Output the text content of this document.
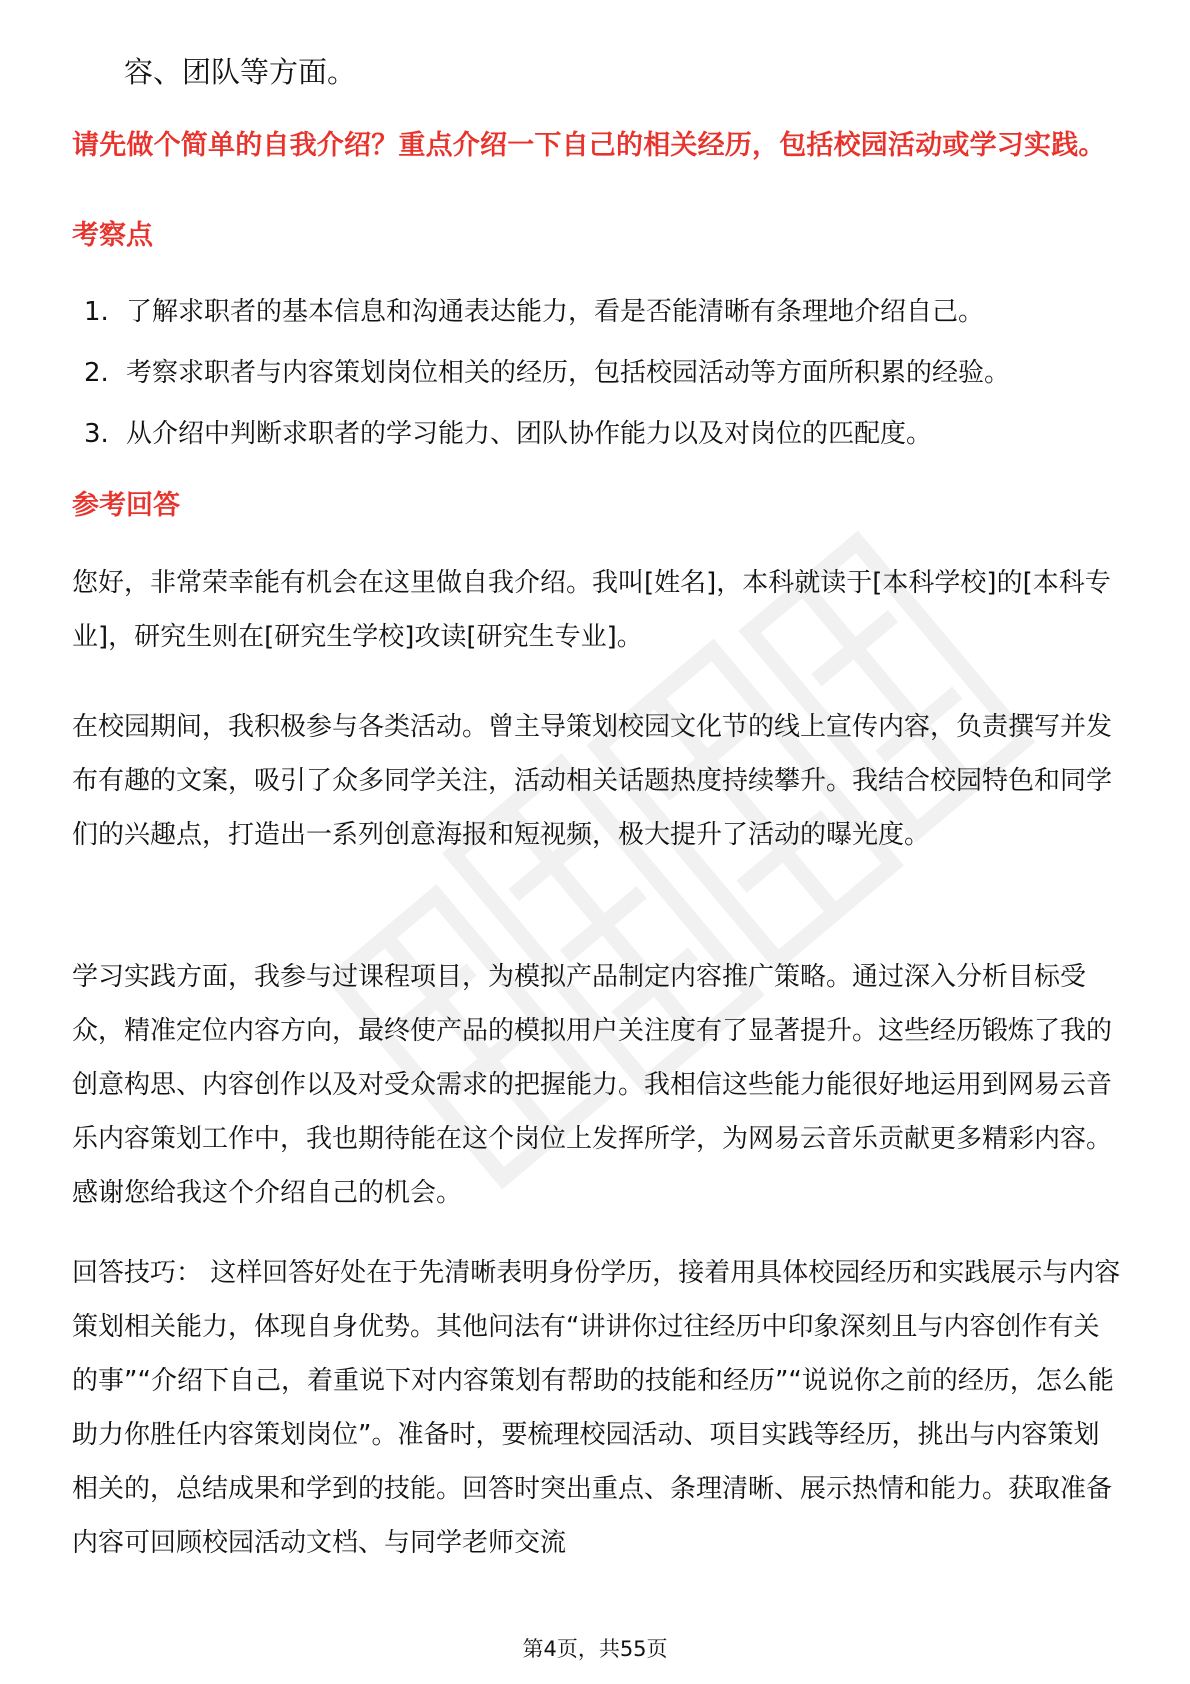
容、团队等方面。
请先做个简单的自我介绍？重点介绍一下自己的相关经历，包括校园活动或学习实践。
考察点
1. 了解求职者的基本信息和沟通表达能力，看是否能清晰有条理地介绍自己。
2. 考察求职者与内容策划岗位相关的经历，包括校园活动等方面所积累的经验。
3. 从介绍中判断求职者的学习能力、团队协作能力以及对岗位的匹配度。
参考回答

您好，非常荣幸能有机会在这里做自我介绍。我叫[姓名]，本科就读于[本科学校]的[本科专业]，研究生则在[研究生学校]攻读[研究生专业]。

在校园期间，我积极参与各类活动。曾主导策划校园文化节的线上宣传内容，负责撰写并发布有趣的文案，吸引了众多同学关注，活动相关话题热度持续攀升。我结合校园特色和同学们的兴趣点，打造出一系列创意海报和短视频，极大提升了活动的曝光度。

学习实践方面，我参与过课程项目，为模拟产品制定内容推广策略。通过深入分析目标受众，精准定位内容方向，最终使产品的模拟用户关注度有了显著提升。这些经历锻炼了我的创意构思、内容创作以及对受众需求的把握能力。我相信这些能力能很好地运用到网易云音乐内容策划工作中，我也期待能在这个岗位上发挥所学，为网易云音乐贡献更多精彩内容。感谢您给我这个介绍自己的机会。

回答技巧： 这样回答好处在于先清晰表明身份学历，接着用具体校园经历和实践展示与内容策划相关能力，体现自身优势。其他问法有“讲讲你过往经历中印象深刻且与内容创作有关的事”“介绍下自己，着重说下对内容策划有帮助的技能和经历”“说说你之前的经历，怎么能助力你胜任内容策划岗位”。准备时，要梳理校园活动、项目实践等经历，挑出与内容策划相关的，总结成果和学到的技能。回答时突出重点、条理清晰、展示热情和能力。获取准备内容可回顾校园活动文档、与同学老师交流

第4页，共55页
